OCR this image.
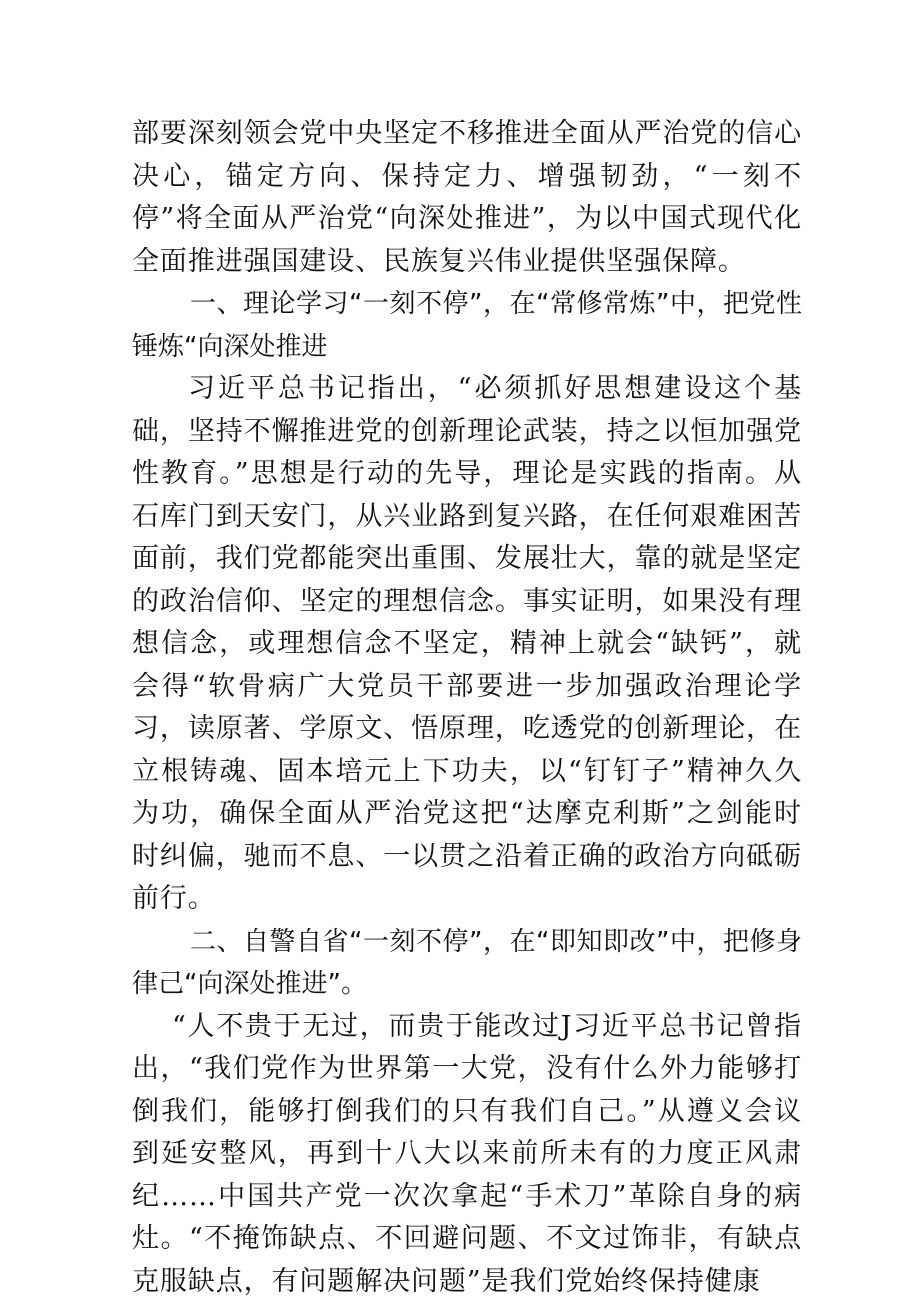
部要深刻领会党中央坚定不移推进全面从严治党的信心决心，锚定方向、保持定力、增强韧劲，“一刻不停”将全面从严治党“向深处推进”，为以中国式现代化全面推进强国建设、民族复兴伟业提供坚强保障。

一、理论学习“一刻不停”，在“常修常炼”中，把党性锤炼“向深处推进

习近平总书记指出，“必须抓好思想建设这个基础，坚持不懈推进党的创新理论武装，持之以恒加强党性教育。”思想是行动的先导，理论是实践的指南。从石库门到天安门，从兴业路到复兴路，在任何艰难困苦面前，我们党都能突出重围、发展壮大，靠的就是坚定的政治信仰、坚定的理想信念。事实证明，如果没有理想信念，或理想信念不坚定，精神上就会“缺钙”，就会得“软骨病广大党员干部要进一步加强政治理论学习，读原著、学原文、悟原理，吃透党的创新理论，在立根铸魂、固本培元上下功夫，以“钉钉子”精神久久为功，确保全面从严治党这把“达摩克利斯”之剑能时时纠偏，驰而不息、一以贯之沿着正确的政治方向砥砺前行。

二、自警自省“一刻不停”，在“即知即改”中，把修身律己“向深处推进”。

“人不贵于无过，而贵于能改过J习近平总书记曾指出，“我们党作为世界第一大党，没有什么外力能够打倒我们，能够打倒我们的只有我们自己。”从遵义会议到延安整风，再到十八大以来前所未有的力度正风肃纪……中国共产党一次次拿起“手术刀”革除自身的病灶。“不掩饰缺点、不回避问题、不文过饰非，有缺点克服缺点，有问题解决问题”是我们党始终保持健康
